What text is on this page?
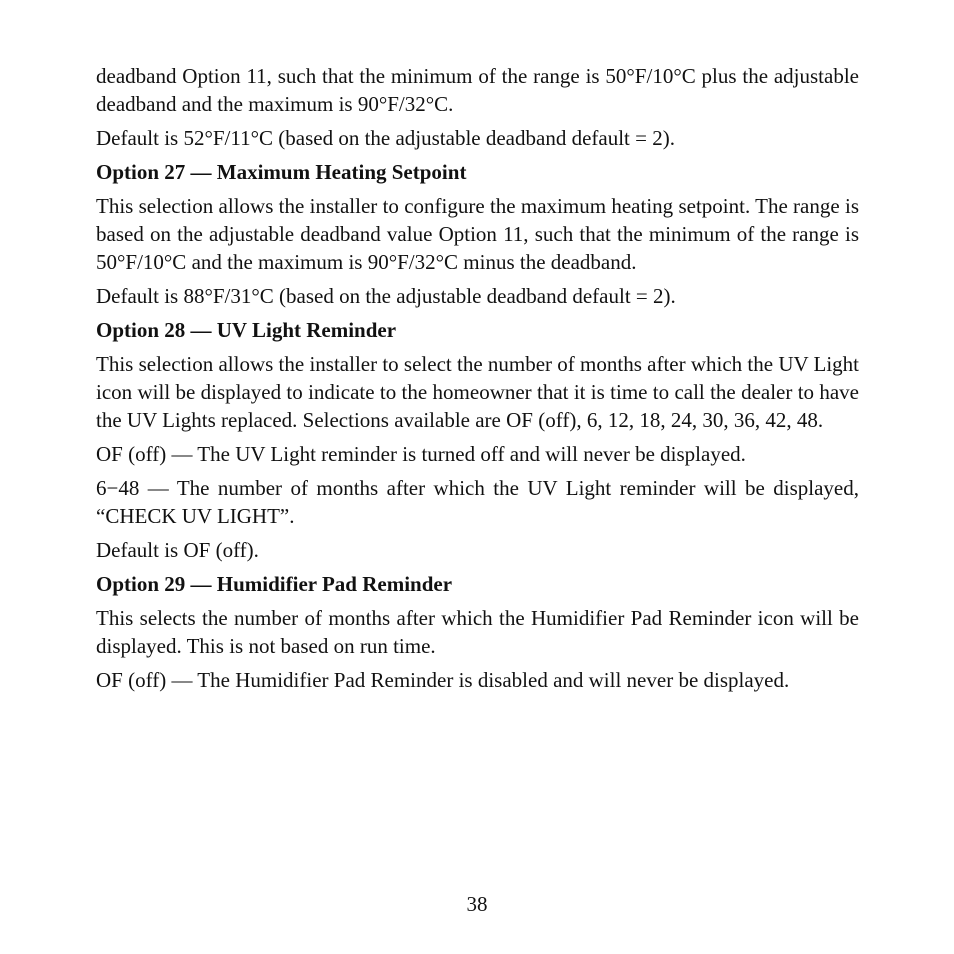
deadband Option 11, such that the minimum of the range is 50°F/10°C plus the adjustable deadband and the maximum is 90°F/32°C.

Default is 52°F/11°C (based on the adjustable deadband default = 2).

Option 27 — Maximum Heating Setpoint

This selection allows the installer to configure the maximum heating setpoint. The range is based on the adjustable deadband value Option 11, such that the minimum of the range is 50°F/10°C and the maximum is 90°F/32°C minus the deadband.

Default is 88°F/31°C (based on the adjustable deadband default = 2).

Option 28 — UV Light Reminder

This selection allows the installer to select the number of months after which the UV Light icon will be displayed to indicate to the homeowner that it is time to call the dealer to have the UV Lights replaced. Selections available are OF (off), 6, 12, 18, 24, 30, 36, 42, 48.

OF (off) — The UV Light reminder is turned off and will never be displayed.

6−48 — The number of months after which the UV Light reminder will be displayed, “CHECK UV LIGHT”.

Default is OF (off).

Option 29 — Humidifier Pad Reminder

This selects the number of months after which the Humidifier Pad Reminder icon will be displayed. This is not based on run time.

OF (off) — The Humidifier Pad Reminder is disabled and will never be displayed.

38
